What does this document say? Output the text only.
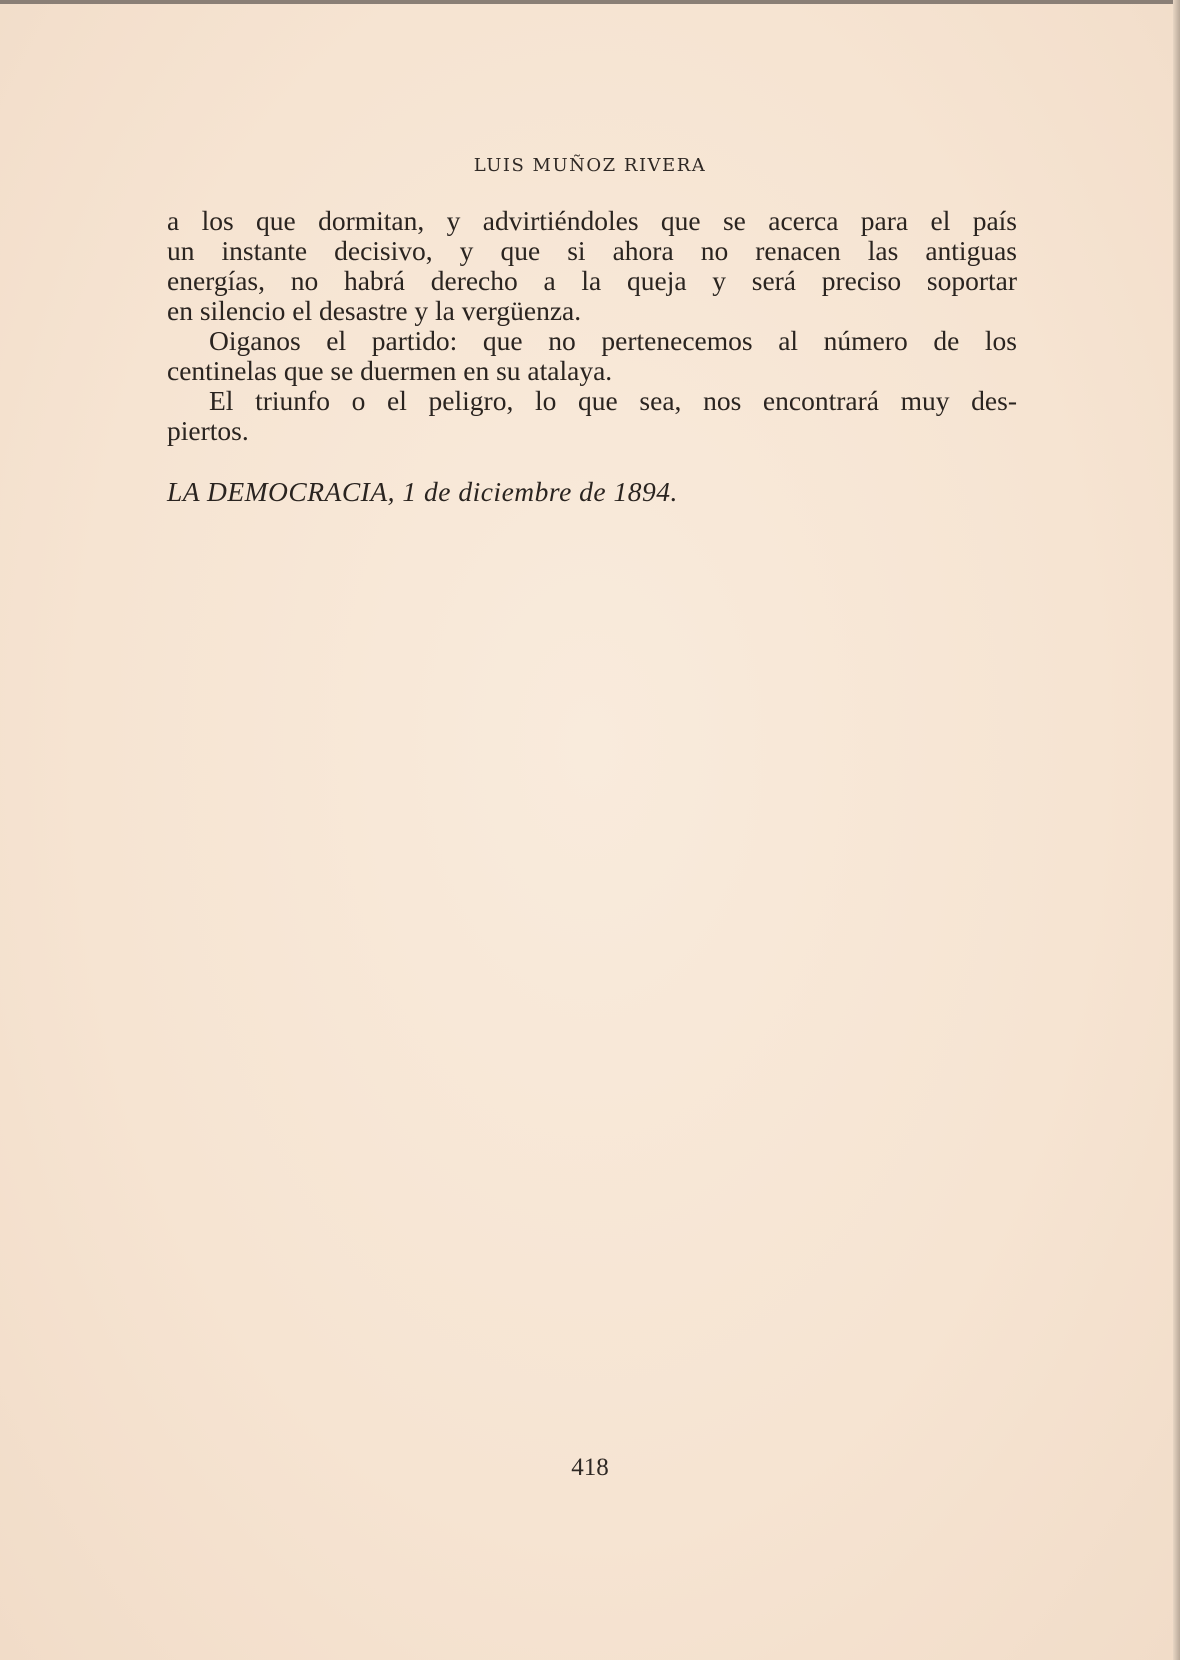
LUIS MUÑOZ RIVERA
a los que dormitan, y advirtiéndoles que se acerca para el país
un instante decisivo, y que si ahora no renacen las antiguas
energías, no habrá derecho a la queja y será preciso soportar
en silencio el desastre y la vergüenza.
Oiganos el partido: que no pertenecemos al número de los
centinelas que se duermen en su atalaya.
El triunfo o el peligro, lo que sea, nos encontrará muy des-
piertos.
LA DEMOCRACIA, 1 de diciembre de 1894.
418
